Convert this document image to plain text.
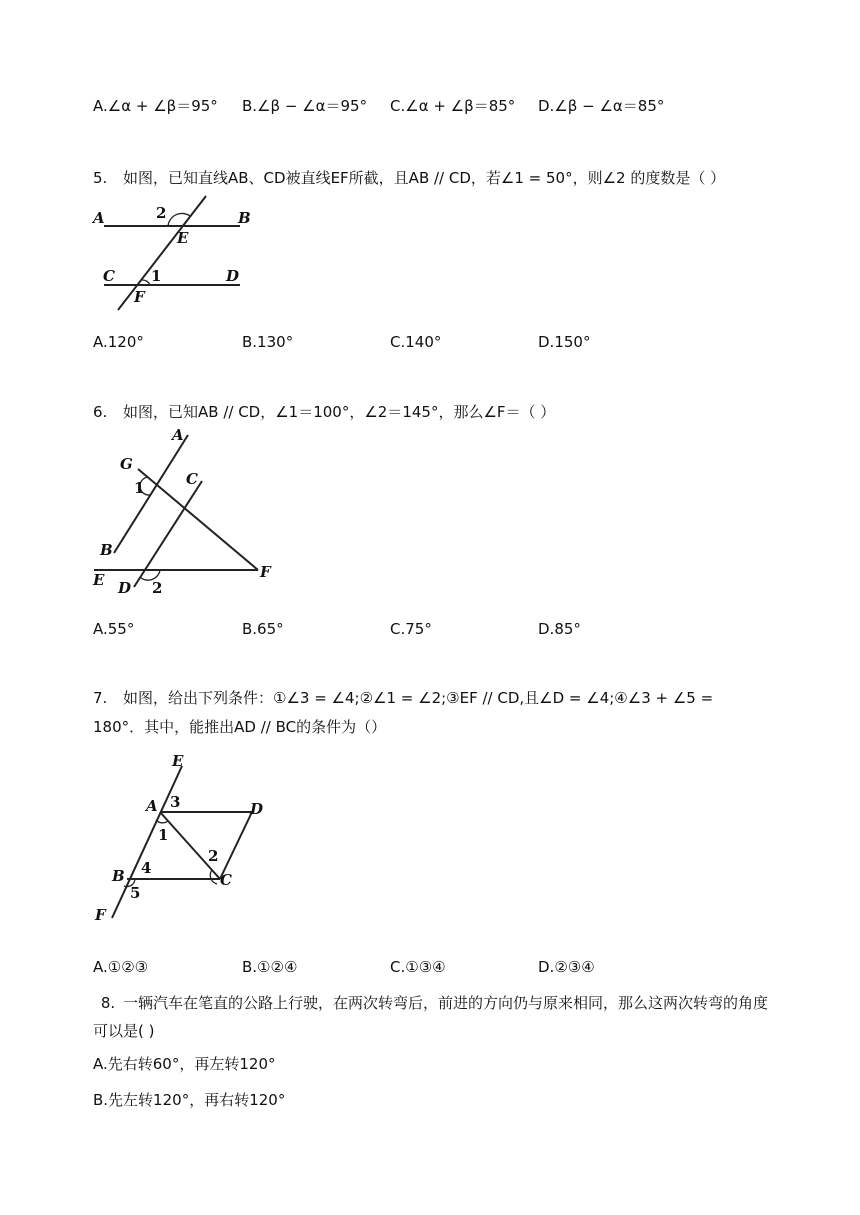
A.∠α + ∠β＝95° B.∠β − ∠α＝95° C.∠α + ∠β＝85° D.∠β − ∠α＝85°
5. 如图，已知直线AB、CD被直线EF所截，且AB // CD，若∠1 = 50°，则∠2 的度数是（ ）
A	B
C	D
E
F
1
2
A.120°	B.130°	C.140°	D.150°
6. 如图，已知AB // CD，∠1＝100°，∠2＝145°，那么∠F＝（ ）
A
B
C
D
E	F
G
1
2
A.55°	B.65°	C.75°	D.85°
7. 如图，给出下列条件：①∠3 = ∠4;②∠1 = ∠2;③EF // CD,且∠D = ∠4;④∠3 + ∠5 =
180°．其中，能推出AD // BC的条件为（）
E
A	D
B	C
F
1
2
3
4
5
A.①②③	B.①②④	C.①③④	D.②③④
8. 一辆汽车在笔直的公路上行驶，在两次转弯后，前进的方向仍与原来相同，那么这两次转弯的角度可以是( )
A.先右转60°，再左转120°
B.先左转120°，再右转120°
